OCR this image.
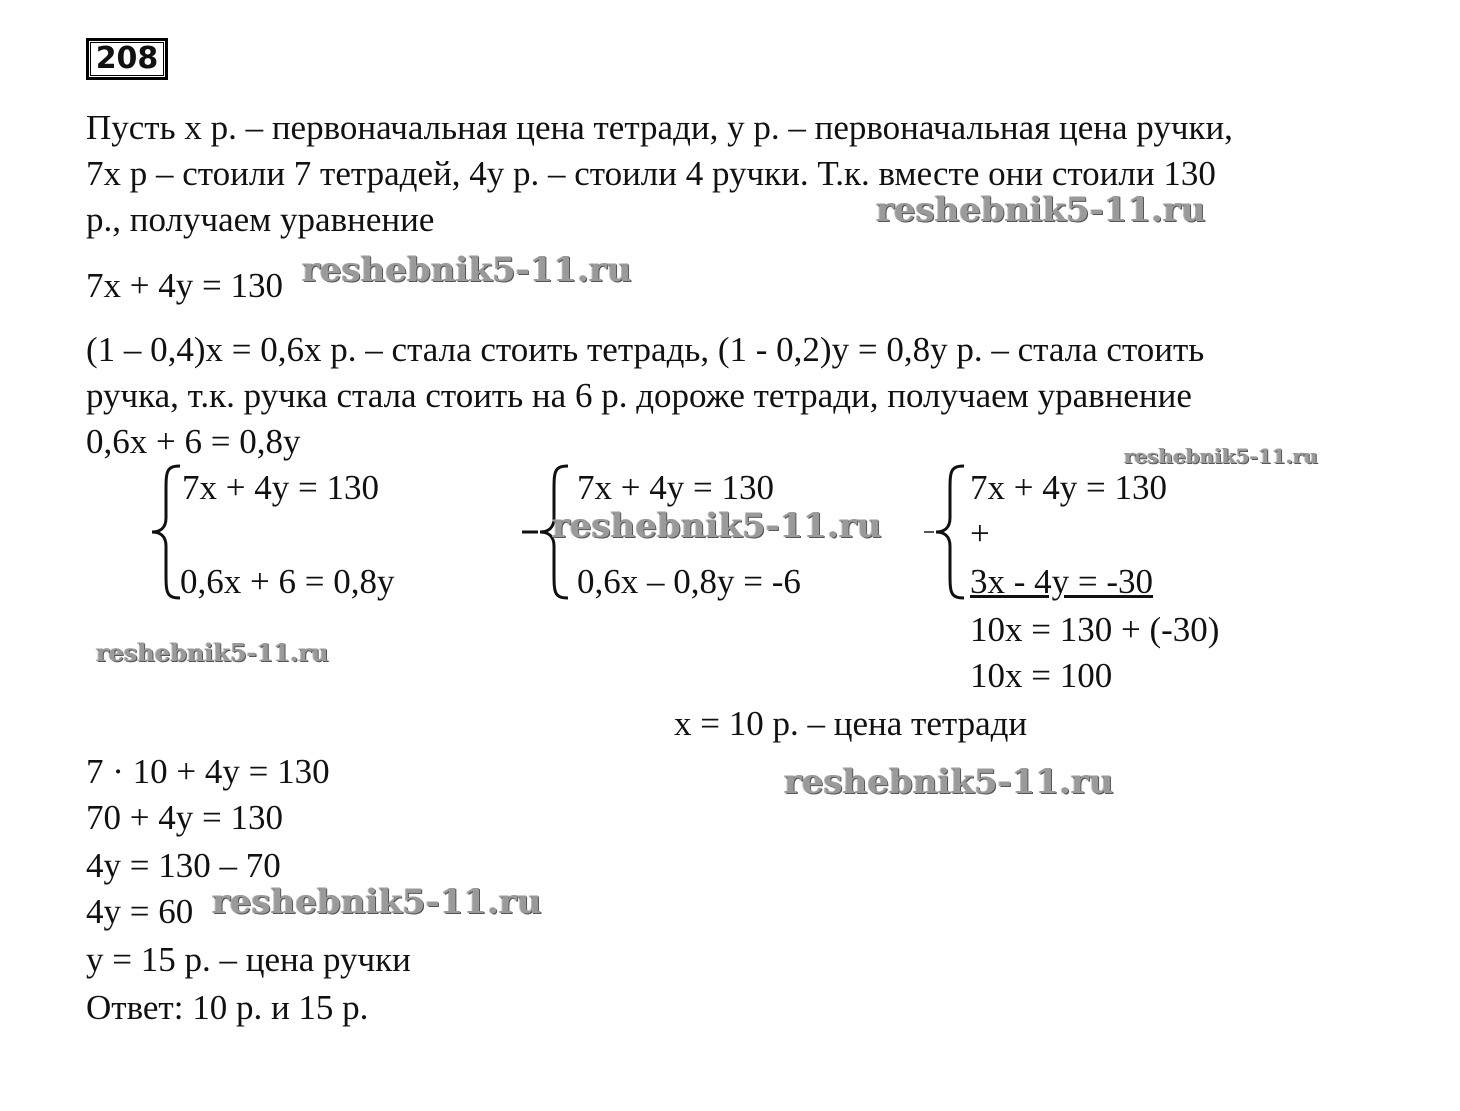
208
Пусть х р. – первоначальная цена тетради, у р. – первоначальная цена ручки,
7х р – стоили 7 тетрадей, 4у р. – стоили 4 ручки. Т.к. вместе они стоили 130
р., получаем уравнение	reshebnik5-11.ru
7х + 4у = 130 reshebnik5-11.ru
(1 – 0,4)х = 0,6х р. – стала стоить тетрадь, (1 - 0,2)у = 0,8у р. – стала стоить
ручка, т.к. ручка стала стоить на 6 р. дороже тетради, получаем уравнение
0,6х + 6 = 0,8у	reshebnik5-11.ru
7х + 4у = 130
0,6х + 6 = 0,8у
7х + 4у = 130
reshebnik5-11.ru
0,6х – 0,8у = -6
7х + 4у = 130
+
3х - 4у = -30
10х = 130 + (-30)
10х = 100
reshebnik5-11.ru
х = 10 р. – цена тетради
reshebnik5-11.ru
7 · 10 + 4у = 130
70 + 4у = 130
4у = 130 – 70
4у = 60 reshebnik5-11.ru
у = 15 р. – цена ручки
Ответ: 10 р. и 15 р.
